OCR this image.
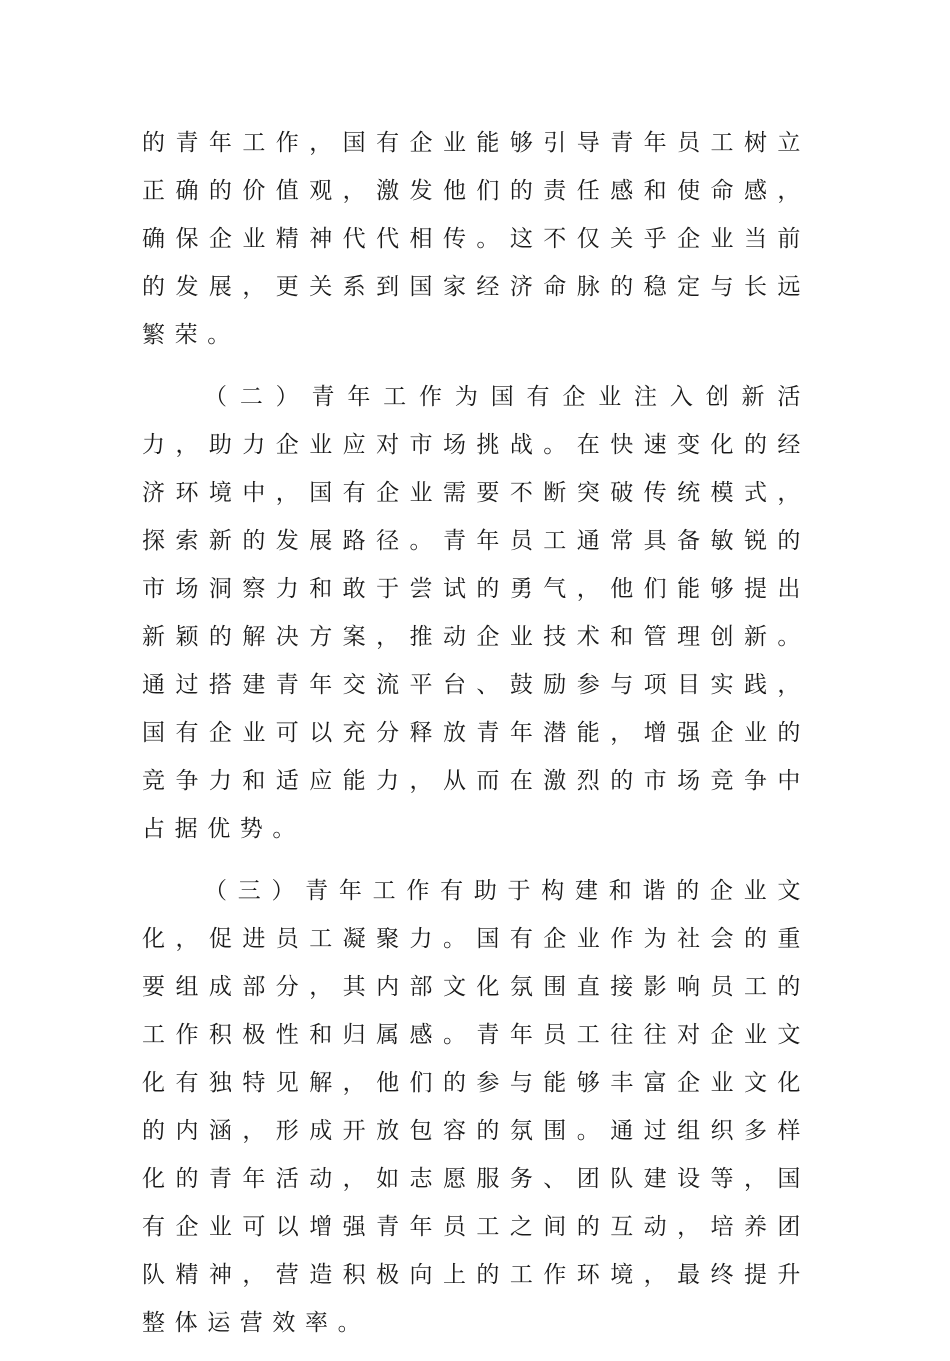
的青年工作，国有企业能够引导青年员工树立正确的价值观，激发他们的责任感和使命感，确保企业精神代代相传。这不仅关乎企业当前的发展，更关系到国家经济命脉的稳定与长远繁荣。

（二）青年工作为国有企业注入创新活力，助力企业应对市场挑战。在快速变化的经济环境中，国有企业需要不断突破传统模式，探索新的发展路径。青年员工通常具备敏锐的市场洞察力和敢于尝试的勇气，他们能够提出新颖的解决方案，推动企业技术和管理创新。通过搭建青年交流平台、鼓励参与项目实践，国有企业可以充分释放青年潜能，增强企业的竞争力和适应能力，从而在激烈的市场竞争中占据优势。

（三）青年工作有助于构建和谐的企业文化，促进员工凝聚力。国有企业作为社会的重要组成部分，其内部文化氛围直接影响员工的工作积极性和归属感。青年员工往往对企业文化有独特见解，他们的参与能够丰富企业文化的内涵，形成开放包容的氛围。通过组织多样化的青年活动，如志愿服务、团队建设等，国有企业可以增强青年员工之间的互动，培养团队精神，营造积极向上的工作环境，最终提升整体运营效率。
